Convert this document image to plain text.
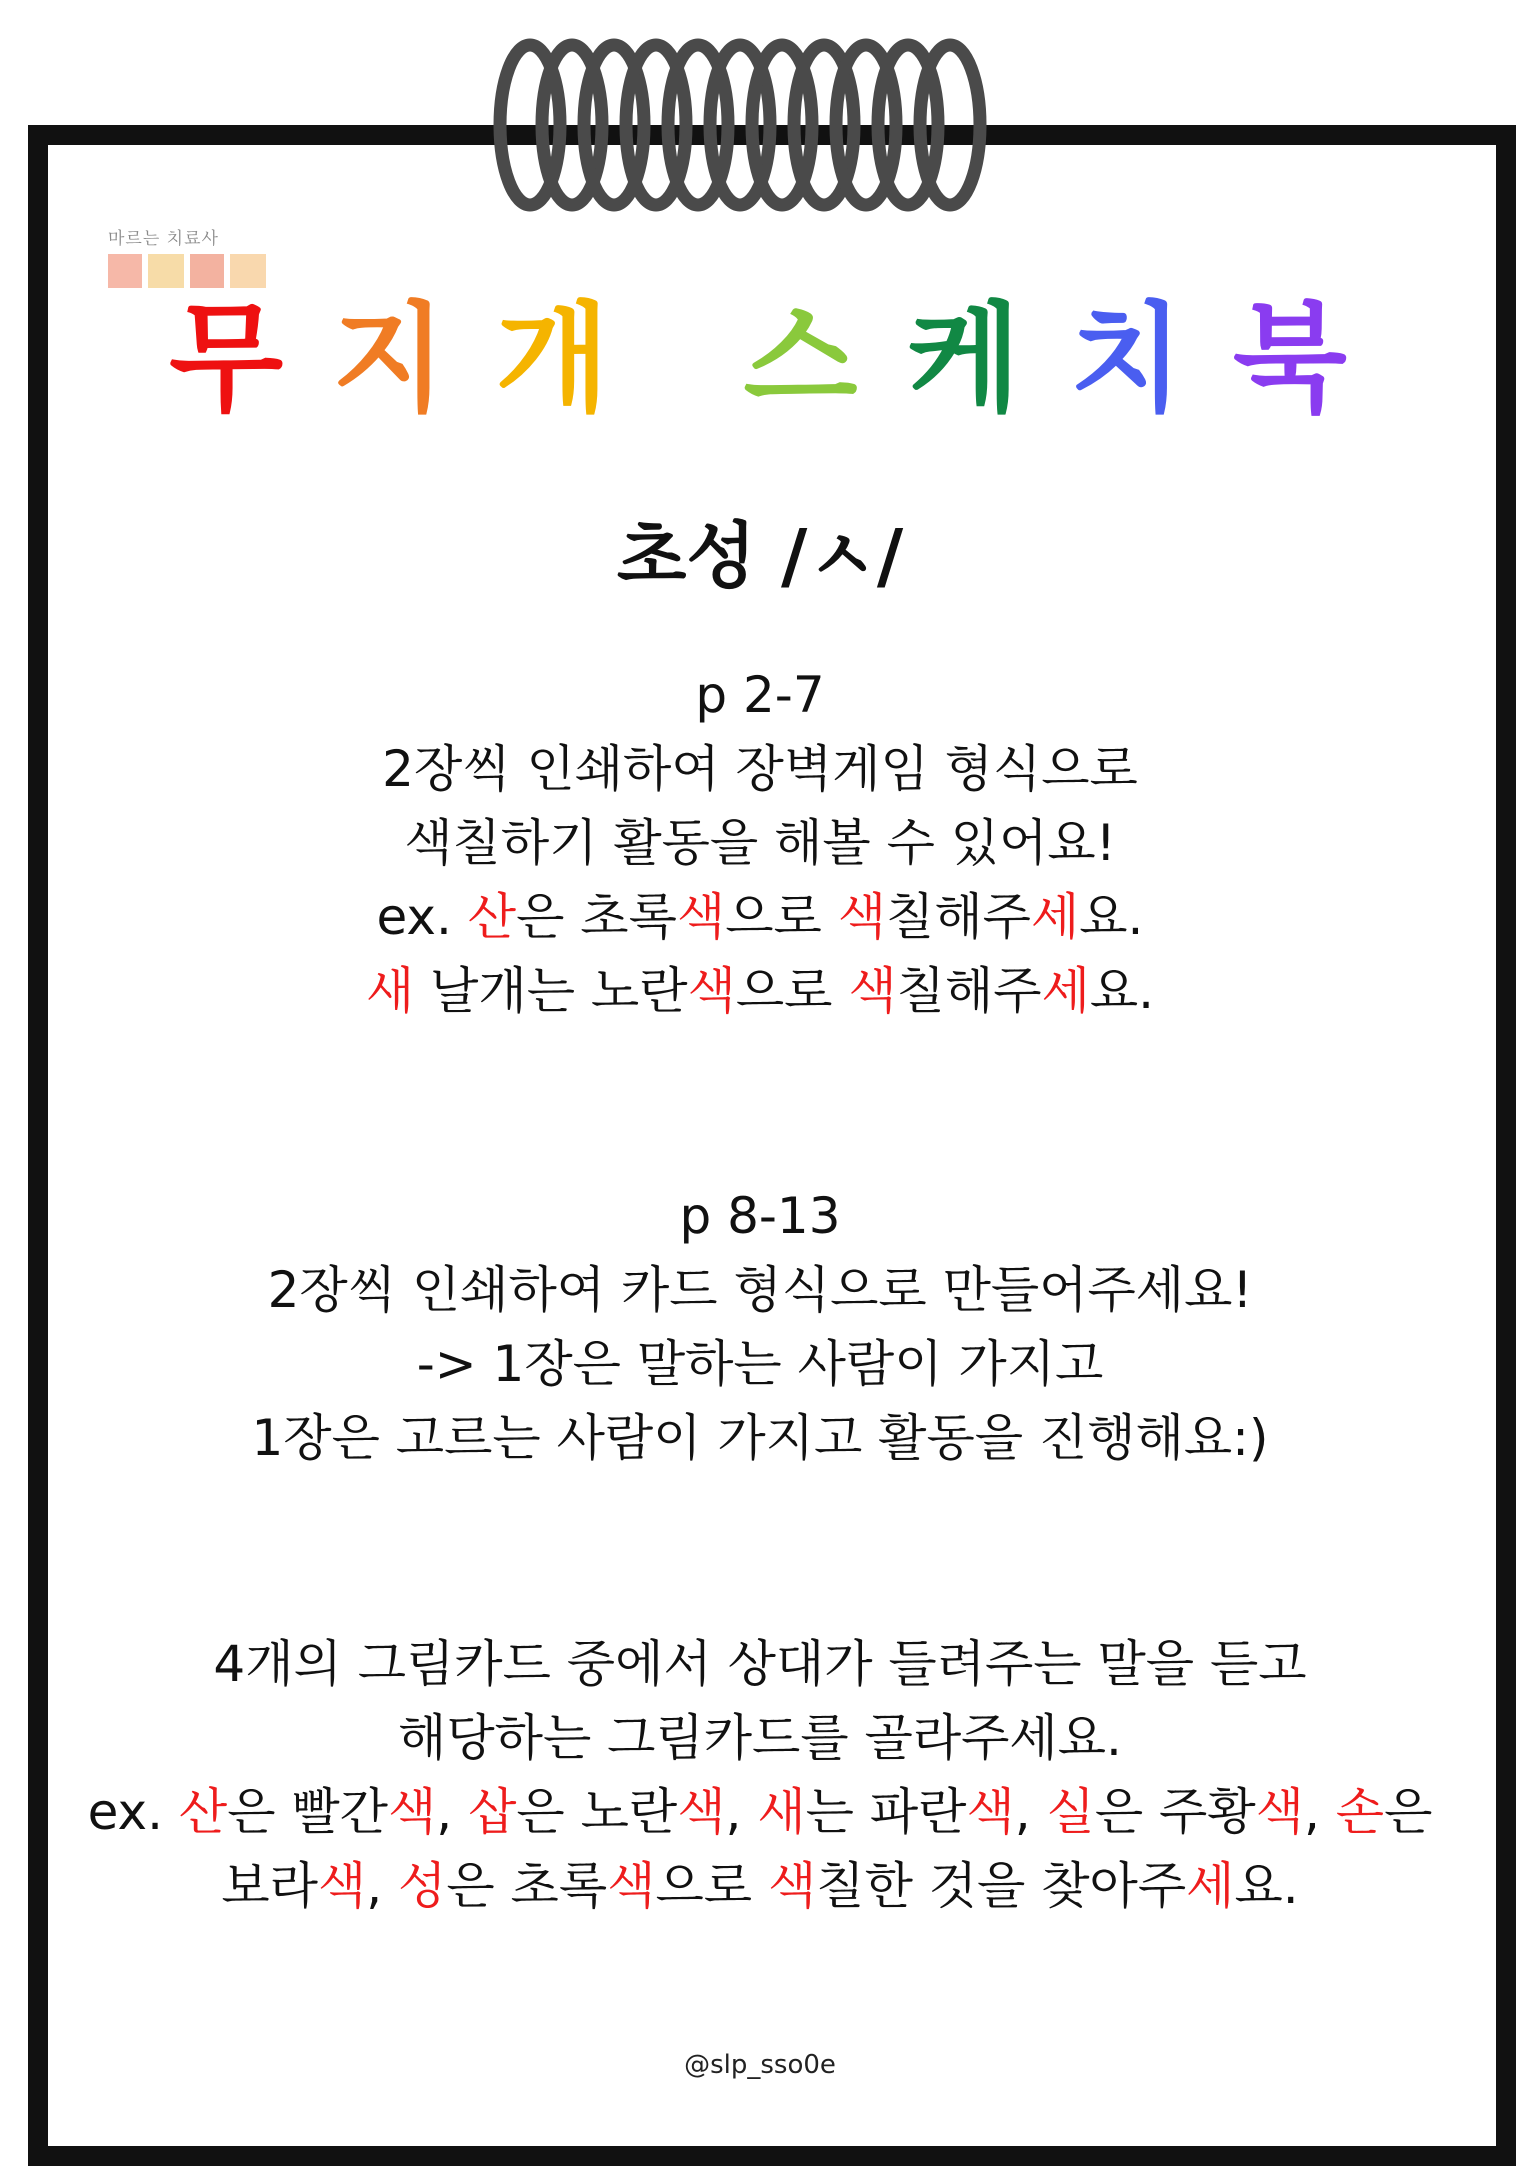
마르는 치료사
무 지 개 스 케 치 북
초성 /ㅅ/
p 2-7
2장씩 인쇄하여 장벽게임 형식으로
색칠하기 활동을 해볼 수 있어요!
ex. 산은 초록색으로 색칠해주세요.
새 날개는 노란색으로 색칠해주세요.
p 8-13
2장씩 인쇄하여 카드 형식으로 만들어주세요!
-> 1장은 말하는 사람이 가지고
1장은 고르는 사람이 가지고 활동을 진행해요:)
4개의 그림카드 중에서 상대가 들려주는 말을 듣고
해당하는 그림카드를 골라주세요.
ex. 산은 빨간색, 삽은 노란색, 새는 파란색, 실은 주황색, 손은
보라색, 성은 초록색으로 색칠한 것을 찾아주세요.
@slp_sso0e
